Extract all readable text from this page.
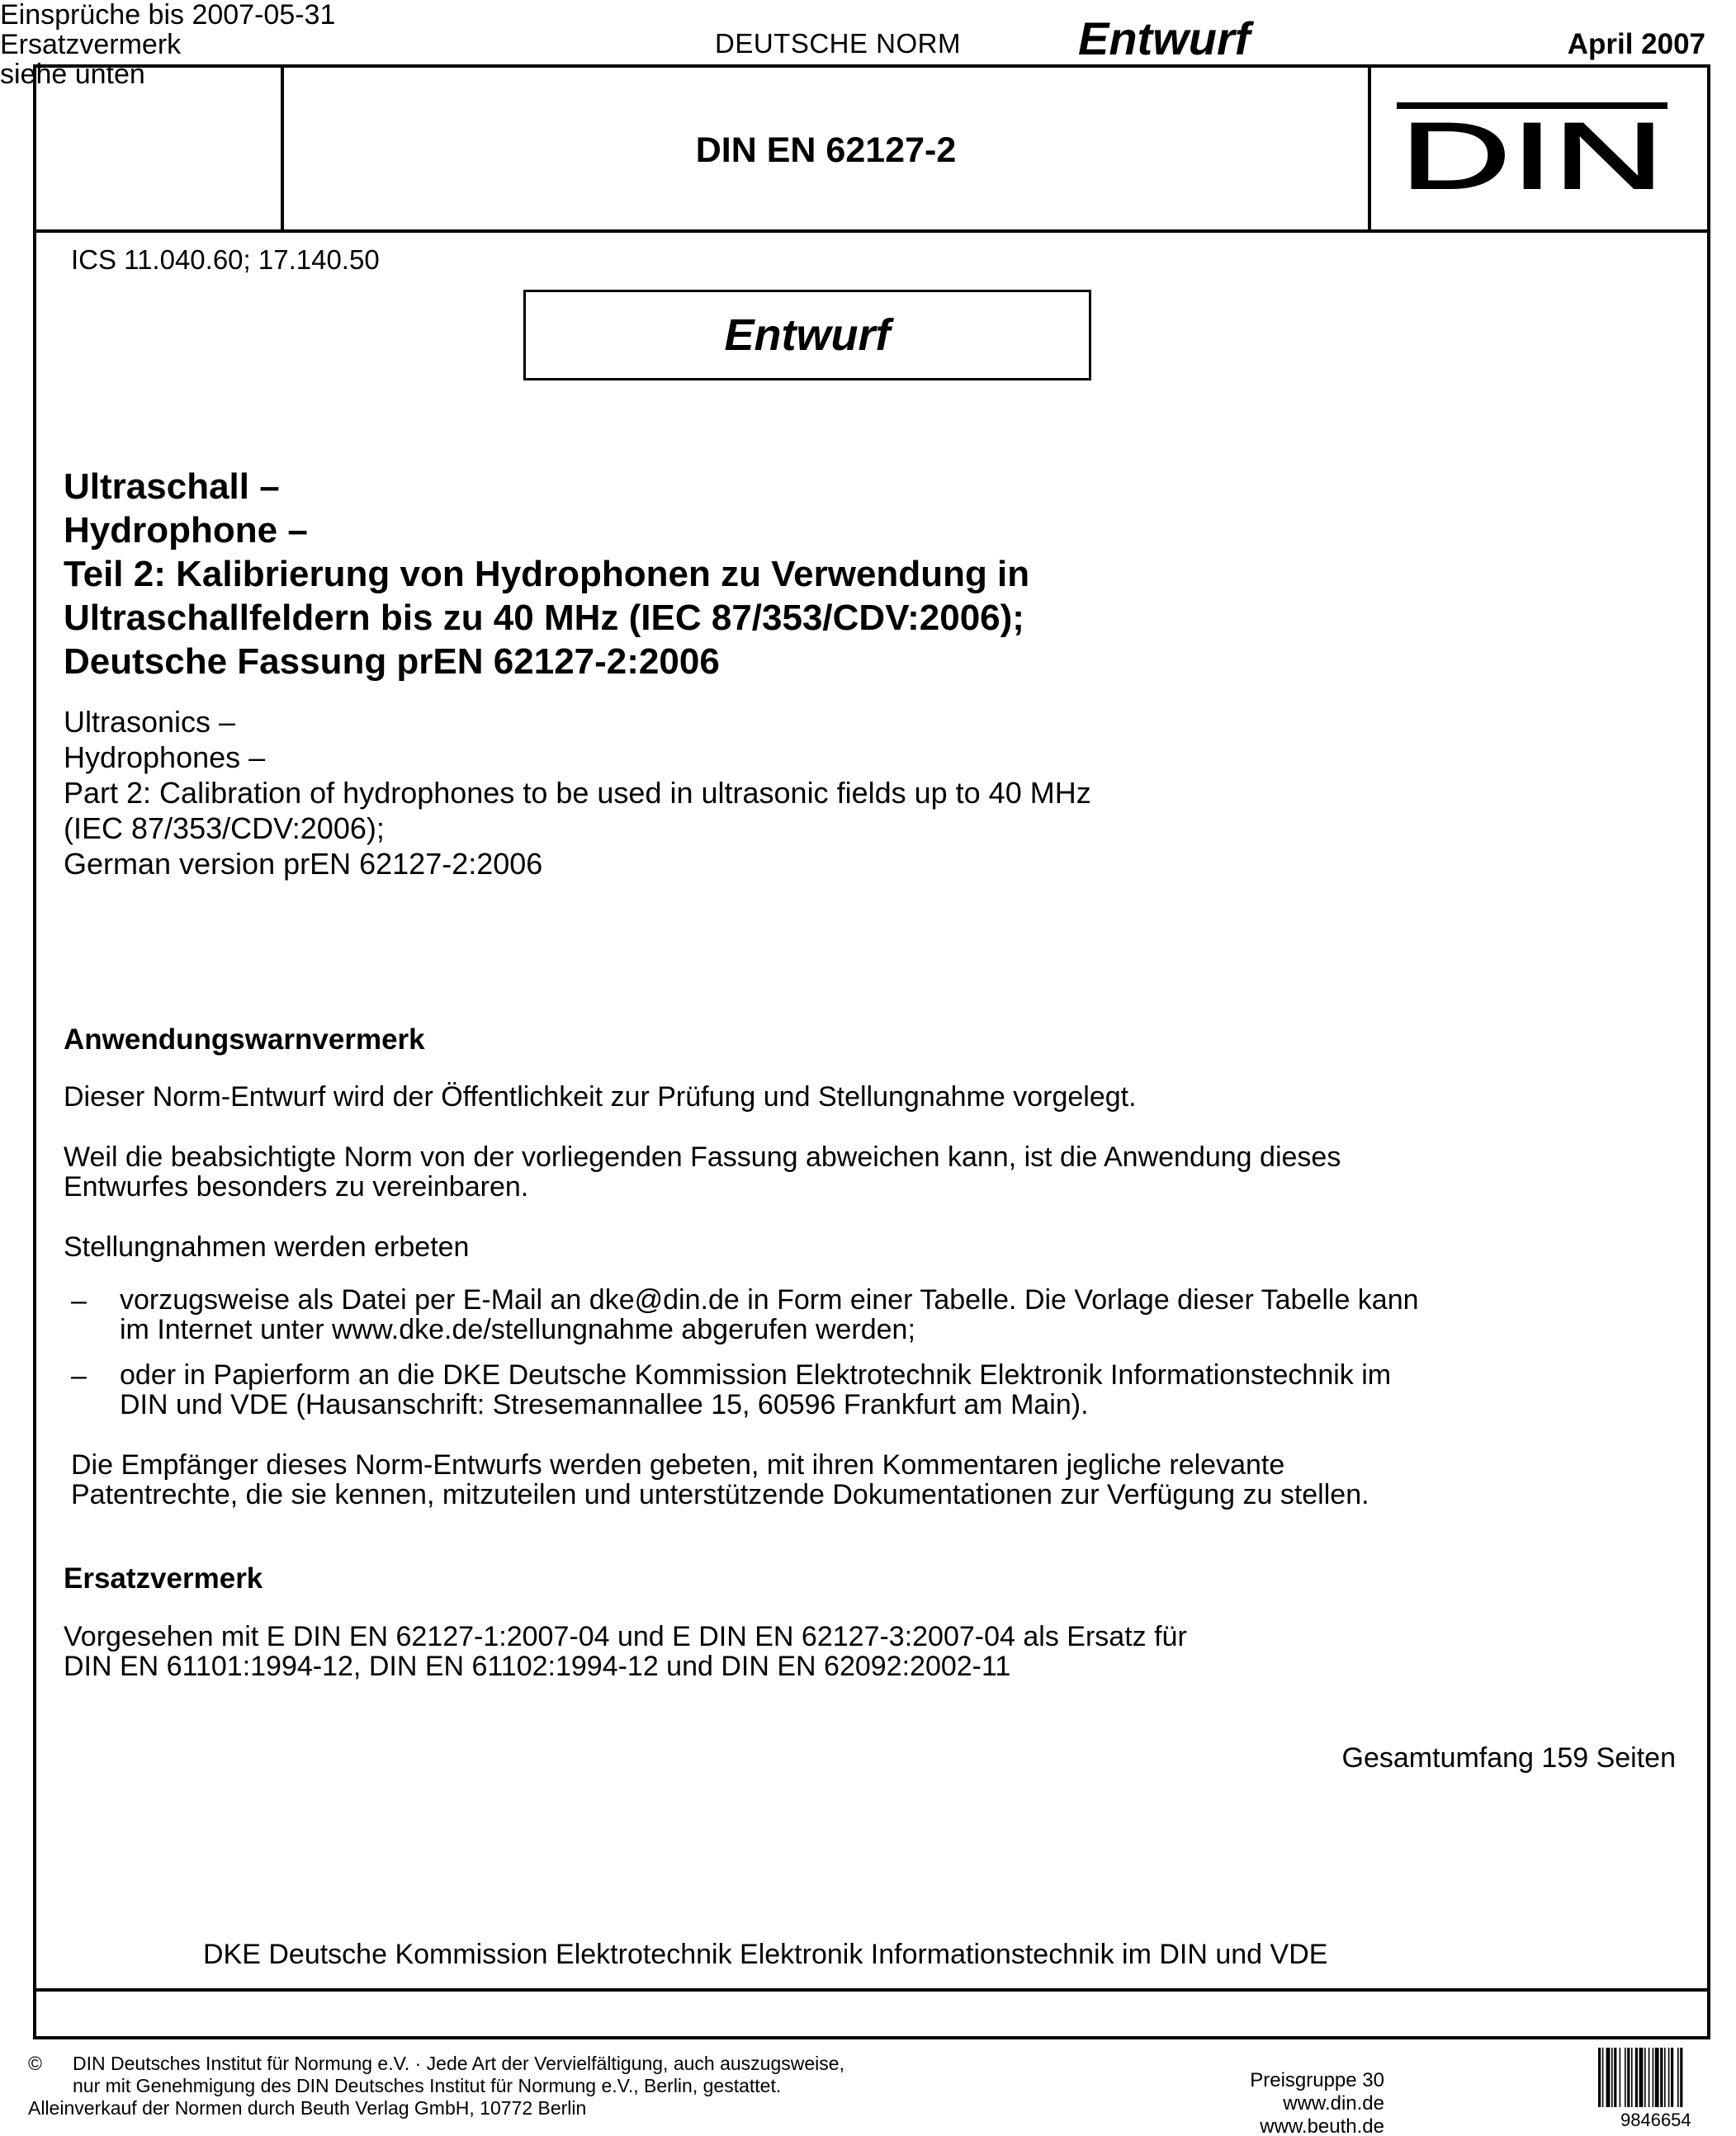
DEUTSCHE NORM	Entwurf	April 2007
DIN EN 62127-2	DIN
ICS 11.040.60; 17.140.50
Einsprüche bis 2007-05-31
Ersatzvermerk
siehe unten
Entwurf
Ultraschall –
Hydrophone –
Teil 2: Kalibrierung von Hydrophonen zu Verwendung in
Ultraschallfeldern bis zu 40 MHz (IEC 87/353/CDV:2006);
Deutsche Fassung prEN 62127-2:2006
Ultrasonics –
Hydrophones –
Part 2: Calibration of hydrophones to be used in ultrasonic fields up to 40 MHz
(IEC 87/353/CDV:2006);
German version prEN 62127-2:2006
Anwendungswarnvermerk
Dieser Norm-Entwurf wird der Öffentlichkeit zur Prüfung und Stellungnahme vorgelegt.
Weil die beabsichtigte Norm von der vorliegenden Fassung abweichen kann, ist die Anwendung dieses
Entwurfes besonders zu vereinbaren.
Stellungnahmen werden erbeten
– vorzugsweise als Datei per E-Mail an dke@din.de in Form einer Tabelle. Die Vorlage dieser Tabelle kann
im Internet unter www.dke.de/stellungnahme abgerufen werden;
– oder in Papierform an die DKE Deutsche Kommission Elektrotechnik Elektronik Informationstechnik im
DIN und VDE (Hausanschrift: Stresemannallee 15, 60596 Frankfurt am Main).
Die Empfänger dieses Norm-Entwurfs werden gebeten, mit ihren Kommentaren jegliche relevante
Patentrechte, die sie kennen, mitzuteilen und unterstützende Dokumentationen zur Verfügung zu stellen.
Ersatzvermerk
Vorgesehen mit E DIN EN 62127-1:2007-04 und E DIN EN 62127-3:2007-04 als Ersatz für
DIN EN 61101:1994-12, DIN EN 61102:1994-12 und DIN EN 62092:2002-11
Gesamtumfang 159 Seiten
DKE Deutsche Kommission Elektrotechnik Elektronik Informationstechnik im DIN und VDE
©	DIN Deutsches Institut für Normung e.V. · Jede Art der Vervielfältigung, auch auszugsweise,
nur mit Genehmigung des DIN Deutsches Institut für Normung e.V., Berlin, gestattet.
Alleinverkauf der Normen durch Beuth Verlag GmbH, 10772 Berlin
Preisgruppe 30
www.din.de
www.beuth.de	9846654
